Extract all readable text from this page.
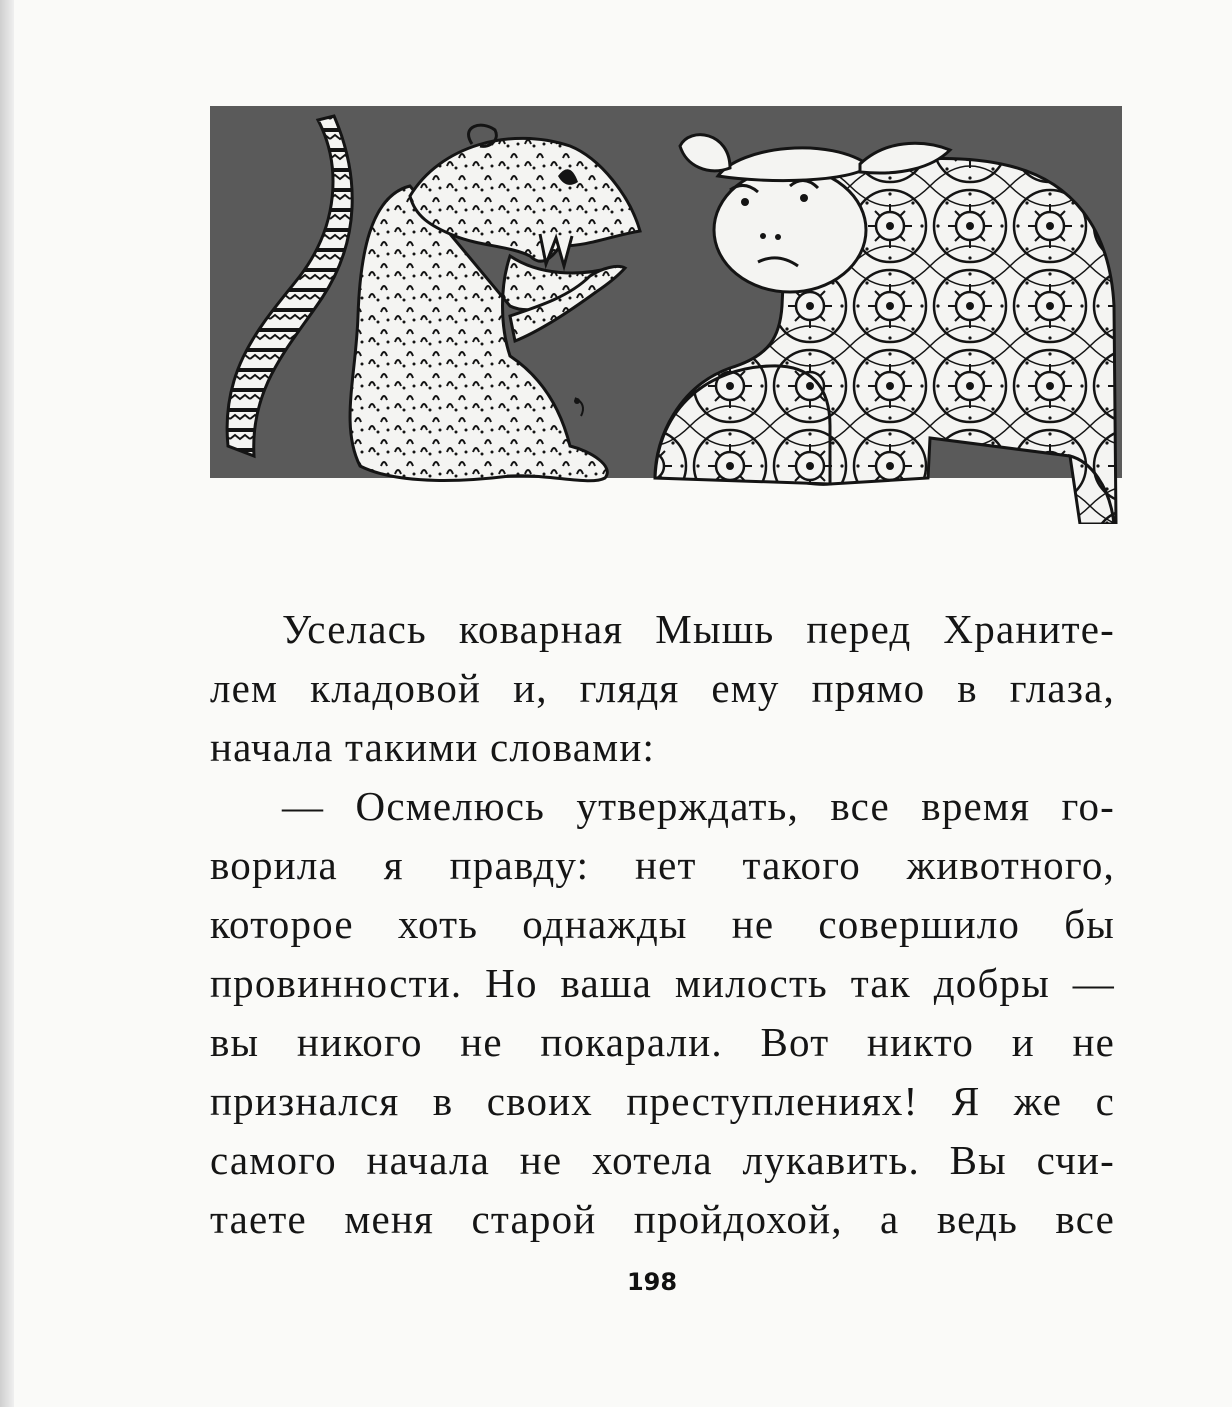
Уселась коварная Мышь перед Храните-
лем кладовой и, глядя ему прямо в глаза,
начала такими словами:

— Осмелюсь утверждать, все время го-
ворила я правду: нет такого животного,
которое хоть однажды не совершило бы
провинности. Но ваша милость так добры —
вы никого не покарали. Вот никто и не
признался в своих преступлениях! Я же с
самого начала не хотела лукавить. Вы счи-
таете меня старой пройдохой, а ведь все

198
